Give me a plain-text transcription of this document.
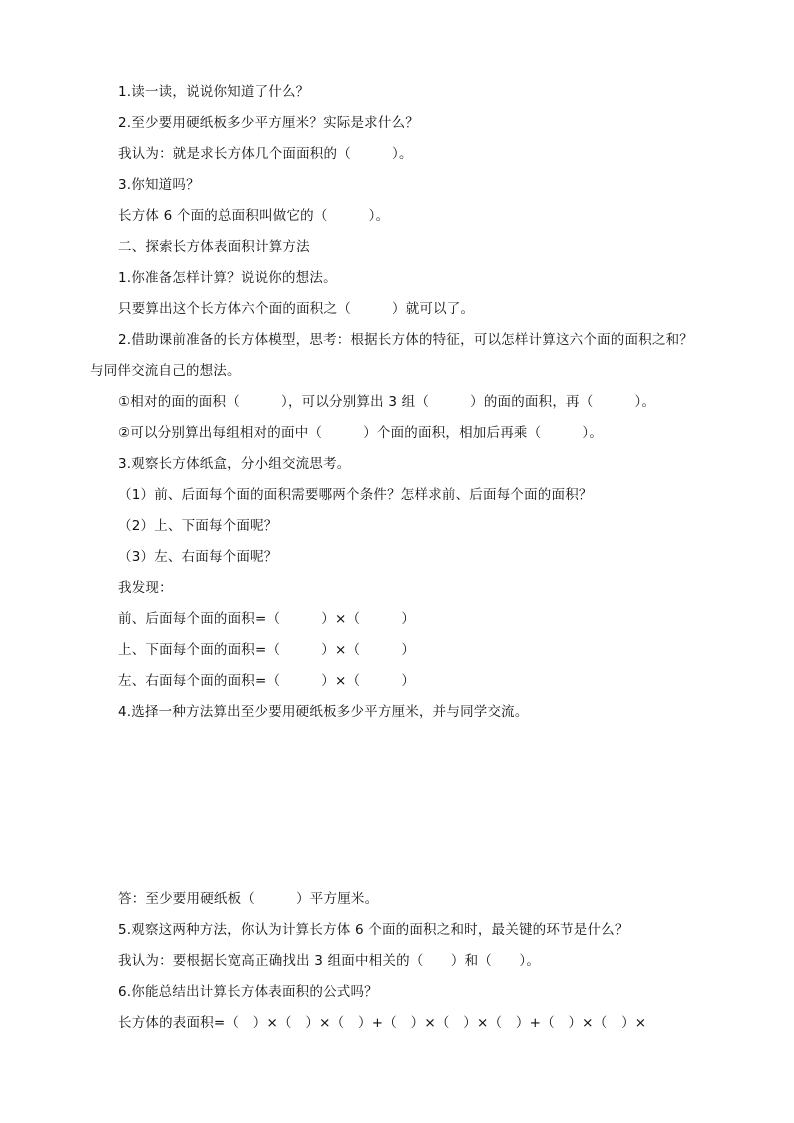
1.读一读，说说你知道了什么？
2.至少要用硬纸板多少平方厘米？实际是求什么？
我认为：就是求长方体几个面面积的（　　　）。
3.你知道吗？
长方体 6 个面的总面积叫做它的（　　　）。
二、探索长方体表面积计算方法
1.你准备怎样计算？说说你的想法。
只要算出这个长方体六个面的面积之（　　　）就可以了。
2.借助课前准备的长方体模型，思考：根据长方体的特征，可以怎样计算这六个面的面积之和？
与同伴交流自己的想法。
①相对的面的面积（　　　），可以分别算出 3 组（　　　）的面的面积，再（　　　）。
②可以分别算出每组相对的面中（　　　）个面的面积，相加后再乘（　　　）。
3.观察长方体纸盒，分小组交流思考。
（1）前、后面每个面的面积需要哪两个条件？怎样求前、后面每个面的面积？
（2）上、下面每个面呢？
（3）左、右面每个面呢？
我发现：
前、后面每个面的面积=（　　　）×（　　　）
上、下面每个面的面积=（　　　）×（　　　）
左、右面每个面的面积=（　　　）×（　　　）
4.选择一种方法算出至少要用硬纸板多少平方厘米，并与同学交流。
答：至少要用硬纸板（　　　）平方厘米。
5.观察这两种方法，你认为计算长方体 6 个面的面积之和时，最关键的环节是什么？
我认为：要根据长宽高正确找出 3 组面中相关的（　　）和（　　）。
6.你能总结出计算长方体表面积的公式吗？
长方体的表面积=（　）×（　）×（　）+（　）×（　）×（　）+（　）×（　）×
